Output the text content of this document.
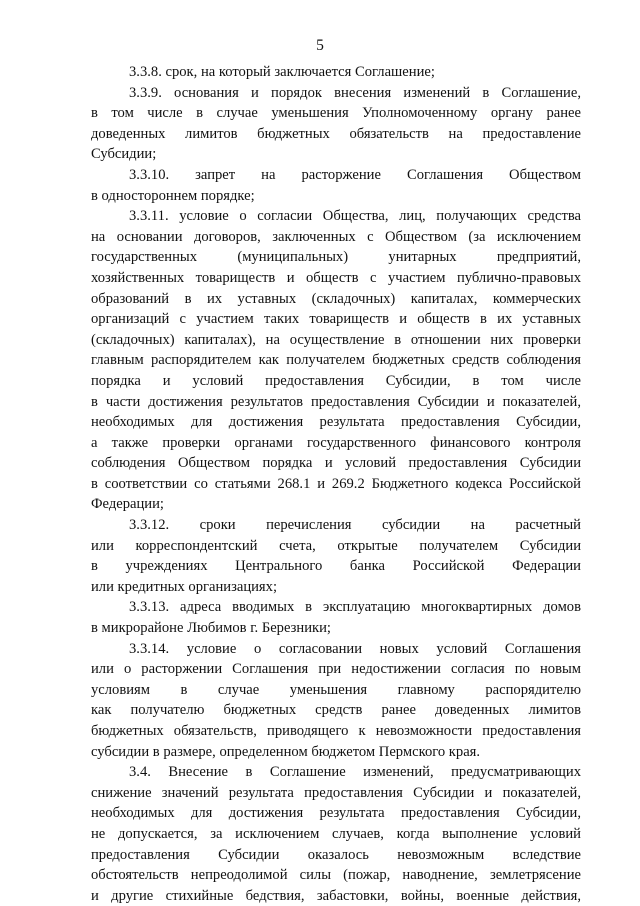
5
3.3.8. срок, на который заключается Соглашение;
3.3.9. основания и порядок внесения изменений в Соглашение,
в том числе в случае уменьшения Уполномоченному органу ранее
доведенных лимитов бюджетных обязательств на предоставление
Субсидии;
3.3.10. запрет на расторжение Соглашения Обществом
в одностороннем порядке;
3.3.11. условие о согласии Общества, лиц, получающих средства
на основании договоров, заключенных с Обществом (за исключением
государственных (муниципальных) унитарных предприятий,
хозяйственных товариществ и обществ с участием публично-правовых
образований в их уставных (складочных) капиталах, коммерческих
организаций с участием таких товариществ и обществ в их уставных
(складочных) капиталах), на осуществление в отношении них проверки
главным распорядителем как получателем бюджетных средств соблюдения
порядка и условий предоставления Субсидии, в том числе
в части достижения результатов предоставления Субсидии и показателей,
необходимых для достижения результата предоставления Субсидии,
а также проверки органами государственного финансового контроля
соблюдения Обществом порядка и условий предоставления Субсидии
в соответствии со статьями 268.1 и 269.2 Бюджетного кодекса Российской
Федерации;
3.3.12. сроки перечисления субсидии на расчетный
или корреспондентский счета, открытые получателем Субсидии
в учреждениях Центрального банка Российской Федерации
или кредитных организациях;
3.3.13. адреса вводимых в эксплуатацию многоквартирных домов
в микрорайоне Любимов г. Березники;
3.3.14. условие о согласовании новых условий Соглашения
или о расторжении Соглашения при недостижении согласия по новым
условиям в случае уменьшения главному распорядителю
как получателю бюджетных средств ранее доведенных лимитов
бюджетных обязательств, приводящего к невозможности предоставления
субсидии в размере, определенном бюджетом Пермского края.
3.4. Внесение в Соглашение изменений, предусматривающих
снижение значений результата предоставления Субсидии и показателей,
необходимых для достижения результата предоставления Субсидии,
не допускается, за исключением случаев, когда выполнение условий
предоставления Субсидии оказалось невозможным вследствие
обстоятельств непреодолимой силы (пожар, наводнение, землетрясение
и другие стихийные бедствия, забастовки, войны, военные действия,
